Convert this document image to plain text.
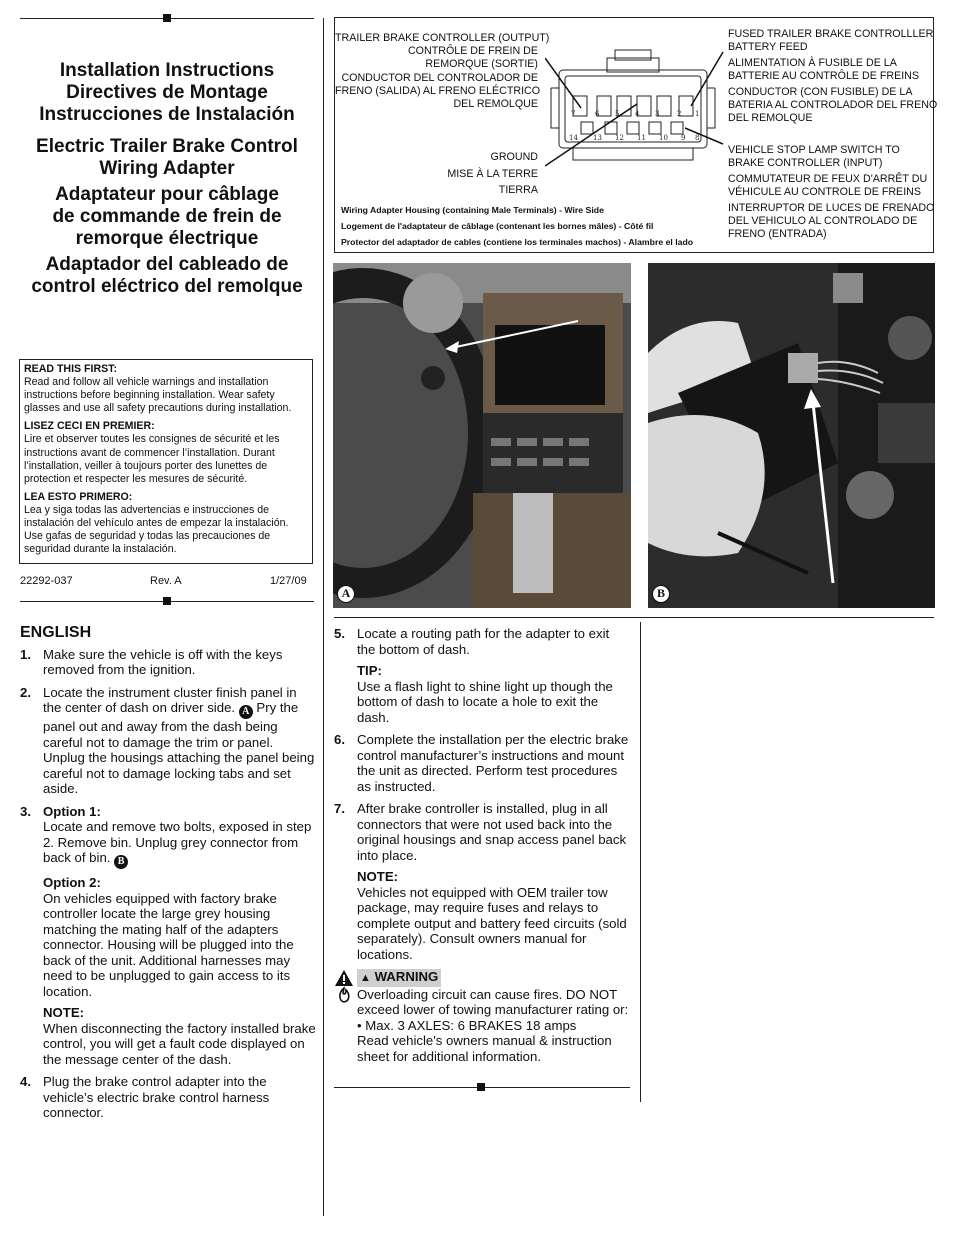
Installation Instructions
Directives de Montage
Instrucciones de Instalación
Electric Trailer Brake Control
Wiring Adapter
Adaptateur pour câblage
de commande de frein de
remorque électrique
Adaptador del cableado de
control eléctrico del remolque
READ THIS FIRST:
Read and follow all vehicle warnings and installation instructions before beginning installation. Wear safety glasses and use all safety precautions during installation.
LISEZ CECI EN PREMIER:
Lire et observer toutes les consignes de sécurité et les instructions avant de commencer l’installation. Durant l’installation, veiller à toujours porter des lunettes de protection et respecter les mesures de sécurité.
LEA ESTO PRIMERO:
Lea y siga todas las advertencias e instrucciones de instalación del vehículo antes de empezar la instalación. Use gafas de seguridad y todas las precauciones de seguridad durante la instalación.
22292-037	Rev. A	1/27/09
TRAILER BRAKE CONTROLLER (OUTPUT)
CONTRÔLE DE FREIN DE
REMORQUE (SORTIE)
CONDUCTOR DEL CONTROLADOR DE
FRENO (SALIDA) AL FRENO ELÉCTRICO
DEL REMOLQUE
GROUND
MISE À LA TERRE
TIERRA
FUSED TRAILER BRAKE CONTROLLLER
BATTERY FEED

ALIMENTATION À FUSIBLE DE LA
BATTERIE AU CONTRÔLE DE FREINS

CONDUCTOR (CON FUSIBLE) DE LA
BATERIA AL CONTROLADOR DEL FRENO
DEL REMOLQUE
VEHICLE STOP LAMP SWITCH TO
BRAKE CONTROLLER (INPUT)

COMMUTATEUR DE FEUX D'ARRÊT DU
VÉHICULE AU CONTROLE DE FREINS

INTERRUPTOR DE LUCES DE FRENADO
DEL VEHICULO AL CONTROLADO DE
FRENO (ENTRADA)
7	6 5 4 3	2 1
14 13 12 11 10 9 8
Wiring Adapter Housing (containing Male Terminals) - Wire Side
Logement de l'adaptateur de câblage (contenant les bornes mâles) - Côté fil
Protector del adaptador de cables (contiene los terminales machos) - Alambre el lado
A	B
ENGLISH
1. Make sure the vehicle is off with the keys removed from the ignition.
2. Locate the instrument cluster finish panel in the center of dash on driver side. A Pry the panel out and away from the dash being careful not to damage the trim or panel. Unplug the housings attaching the panel being careful not to damage locking tabs and set aside.
3. Option 1:
Locate and remove two bolts, exposed in step 2. Remove bin. Unplug grey connector from back of bin. B
Option 2:
On vehicles equipped with factory brake controller locate the large grey housing matching the mating half of the adapters connector. Housing will be plugged into the back of the unit. Additional harnesses may need to be unplugged to gain access to its location.
NOTE:
When disconnecting the factory installed brake control, you will get a fault code displayed on the message center of the dash.
4. Plug the brake control adapter into the vehicle’s electric brake control harness connector.
5. Locate a routing path for the adapter to exit the bottom of dash.
TIP:
Use a flash light to shine light up though the bottom of dash to locate a hole to exit the dash.
6. Complete the installation per the electric brake control manufacturer’s instructions and mount the unit as directed. Perform test procedures as instructed.
7. After brake controller is installed, plug in all connectors that were not used back into the original housings and snap access panel back into place.
NOTE:
Vehicles not equipped with OEM trailer tow package, may require fuses and relays to complete output and battery feed circuits (sold separately). Consult owners manual for locations.
▲ WARNING
Overloading circuit can cause fires. DO NOT exceed lower of towing manufacturer rating or:
• Max. 3 AXLES: 6 BRAKES 18 amps
Read vehicle's owners manual & instruction sheet for additional information.
